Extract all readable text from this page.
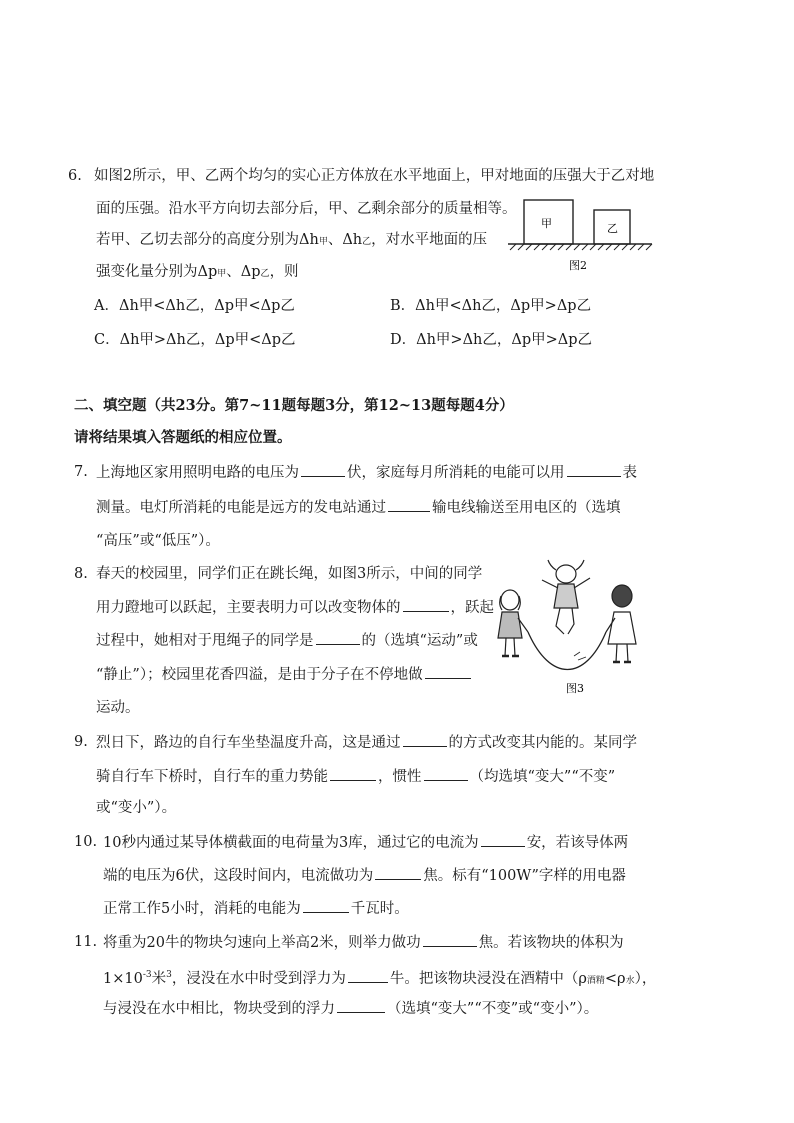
6. 如图2所示，甲、乙两个均匀的实心正方体放在水平地面上，甲对地面的压强大于乙对地
面的压强。沿水平方向切去部分后，甲、乙剩余部分的质量相等。
若甲、乙切去部分的高度分别为Δh甲、Δh乙，对水平地面的压
强变化量分别为Δp甲、Δp乙，则
甲	乙
图2
A．Δh甲<Δh乙，Δp甲<Δp乙	B．Δh甲<Δh乙，Δp甲>Δp乙
C．Δh甲>Δh乙，Δp甲<Δp乙	D．Δh甲>Δh乙，Δp甲>Δp乙
二、填空题（共23分。第7~11题每题3分，第12~13题每题4分）
请将结果填入答题纸的相应位置。
7. 上海地区家用照明电路的电压为	伏，家庭每月所消耗的电能可以用	表
测量。电灯所消耗的电能是远方的发电站通过	输电线输送至用电区的（选填
“高压”或“低压”）。
8. 春天的校园里，同学们正在跳长绳，如图3所示，中间的同学
用力蹬地可以跃起，主要表明力可以改变物体的	，跃起
过程中，她相对于甩绳子的同学是	的（选填“运动”或
“静止”）；校园里花香四溢，是由于分子在不停地做
运动。
图3
9. 烈日下，路边的自行车坐垫温度升高，这是通过	的方式改变其内能的。某同学
骑自行车下桥时，自行车的重力势能	，惯性	（均选填“变大”“不变”
或“变小”）。
10. 10秒内通过某导体横截面的电荷量为3库，通过它的电流为	安，若该导体两
端的电压为6伏，这段时间内，电流做功为	焦。标有“100W”字样的用电器
正常工作5小时，消耗的电能为	千瓦时。
11. 将重为20牛的物块匀速向上举高2米，则举力做功	焦。若该物块的体积为
$1\times 10^{-3}$米$^3$，浸没在水中时受到浮力为	牛。把该物块浸没在酒精中（ρ酒精<ρ水），
与浸没在水中相比，物块受到的浮力	（选填“变大”“不变”或“变小”）。
